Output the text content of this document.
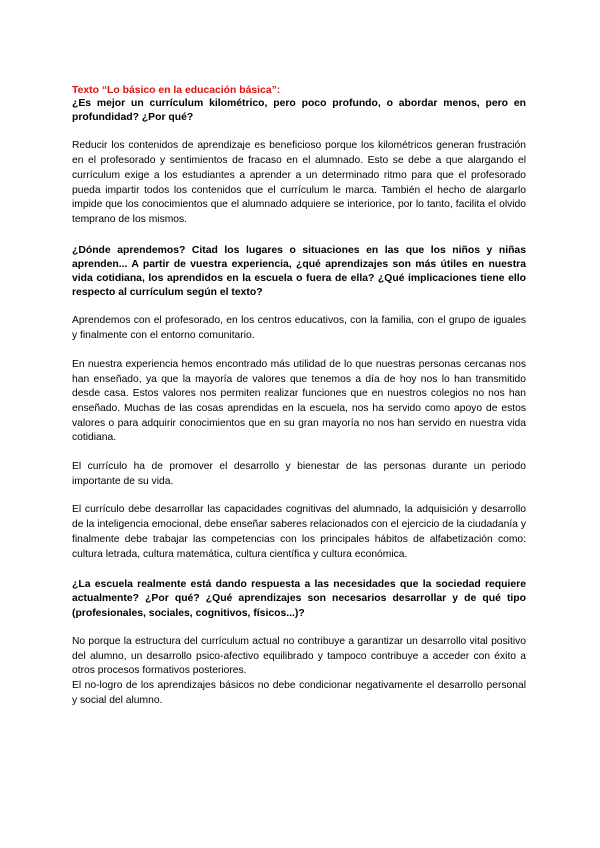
Texto “Lo básico en la educación básica”:

¿Es mejor un currículum kilométrico, pero poco profundo, o abordar menos, pero en profundidad? ¿Por qué?

Reducir los contenidos de aprendizaje es beneficioso porque los kilométricos generan frustración en el profesorado y sentimientos de fracaso en el alumnado. Esto se debe a que alargando el currículum exige a los estudiantes a aprender a un determinado ritmo para que el profesorado pueda impartir todos los contenidos que el currículum le marca. También el hecho de alargarlo impide que los conocimientos que el alumnado adquiere se interiorice, por lo tanto, facilita el olvido temprano de los mismos.

¿Dónde aprendemos? Citad los lugares o situaciones en las que los niños y niñas aprenden... A partir de vuestra experiencia, ¿qué aprendizajes son más útiles en nuestra vida cotidiana, los aprendidos en la escuela o fuera de ella? ¿Qué implicaciones tiene ello respecto al currículum según el texto?

Aprendemos con el profesorado, en los centros educativos, con la familia, con el grupo de iguales y finalmente con el entorno comunitario.

En nuestra experiencia hemos encontrado más utilidad de lo que nuestras personas cercanas nos han enseñado, ya que la mayoría de valores que tenemos a día de hoy nos lo han transmitido desde casa. Estos valores nos permiten realizar funciones que en nuestros colegios no nos han enseñado. Muchas de las cosas aprendidas en la escuela, nos ha servido como apoyo de estos valores o para adquirir conocimientos que en su gran mayoría no nos han servido en nuestra vida cotidiana.

El currículo ha de promover el desarrollo y bienestar de las personas durante un periodo importante de su vida.

El currículo debe desarrollar las capacidades cognitivas del alumnado, la adquisición y desarrollo de la inteligencia emocional, debe enseñar saberes relacionados con el ejercicio de la ciudadanía y finalmente debe trabajar las competencias con los principales hábitos de alfabetización como: cultura letrada, cultura matemática, cultura científica y cultura económica.

¿La escuela realmente está dando respuesta a las necesidades que la sociedad requiere actualmente? ¿Por qué? ¿Qué aprendizajes son necesarios desarrollar y de qué tipo (profesionales, sociales, cognitivos, físicos...)?

No porque la estructura del currículum actual no contribuye a garantizar un desarrollo vital positivo del alumno, un desarrollo psico-afectivo equilibrado y tampoco contribuye a acceder con éxito a otros procesos formativos posteriores.

El no-logro de los aprendizajes básicos no debe condicionar negativamente el desarrollo personal y social del alumno.
